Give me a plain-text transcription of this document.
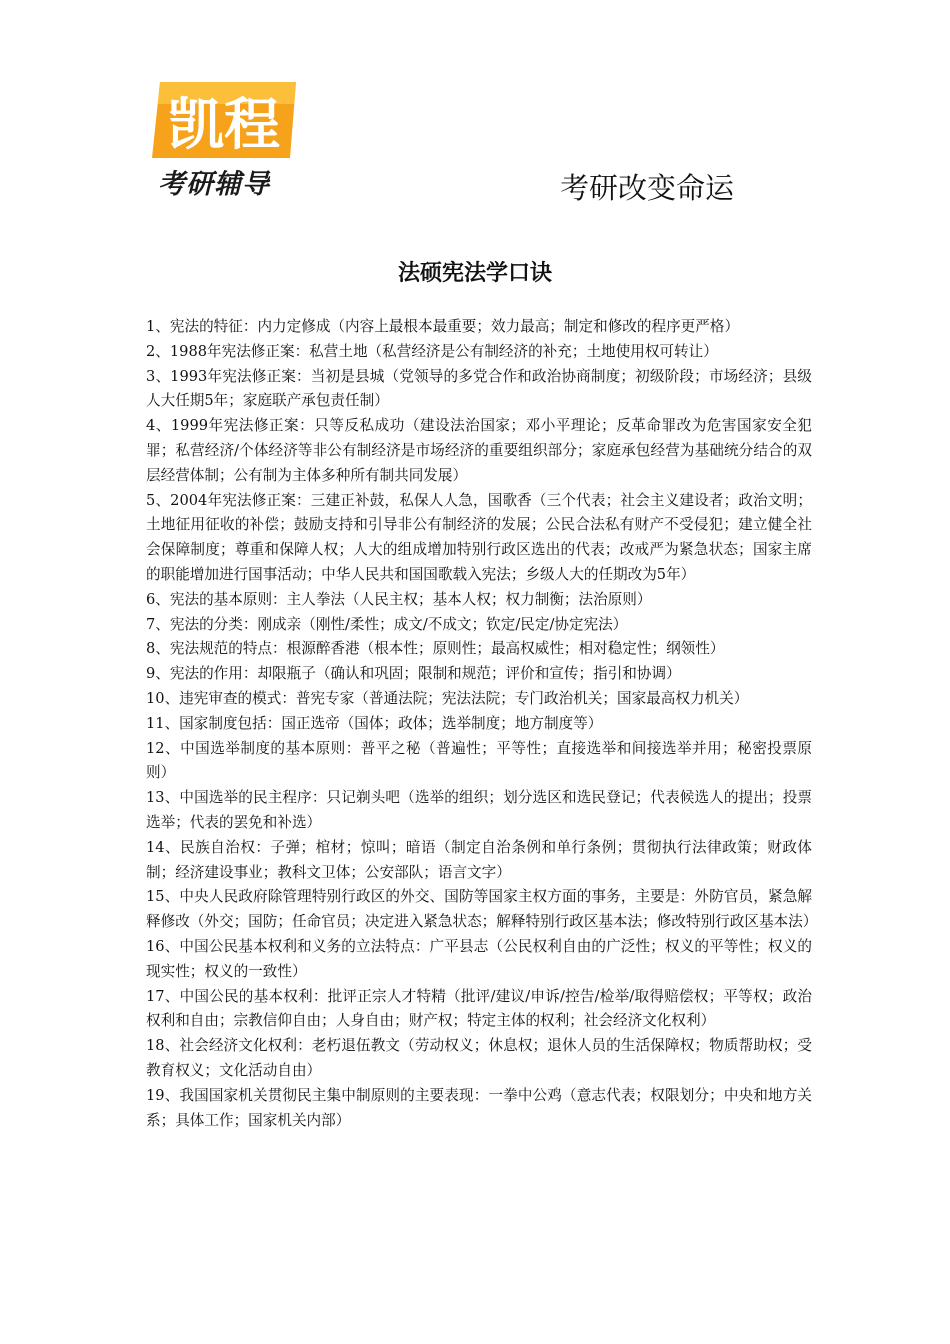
凯程
考研辅导	考研改变命运
法硕宪法学口诀

1、宪法的特征：内力定修成（内容上最根本最重要；效力最高；制定和修改的程序更严格）

2、1988年宪法修正案：私营土地（私营经济是公有制经济的补充；土地使用权可转让）

3、1993年宪法修正案：当初是县城（党领导的多党合作和政治协商制度；初级阶段；市场经济；县级人大任期5年；家庭联产承包责任制）

4、1999年宪法修正案：只等反私成功（建设法治国家；邓小平理论；反革命罪改为危害国家安全犯罪；私营经济/个体经济等非公有制经济是市场经济的重要组织部分；家庭承包经营为基础统分结合的双层经营体制；公有制为主体多种所有制共同发展）

5、2004年宪法修正案：三建正补鼓，私保人人急，国歌香（三个代表；社会主义建设者；政治文明；土地征用征收的补偿；鼓励支持和引导非公有制经济的发展；公民合法私有财产不受侵犯；建立健全社会保障制度；尊重和保障人权；人大的组成增加特别行政区选出的代表；改戒严为紧急状态；国家主席的职能增加进行国事活动；中华人民共和国国歌载入宪法；乡级人大的任期改为5年）

6、宪法的基本原则：主人拳法（人民主权；基本人权；权力制衡；法治原则）

7、宪法的分类：刚成亲（刚性/柔性；成文/不成文；钦定/民定/协定宪法）

8、宪法规范的特点：根源醉香港（根本性；原则性；最高权威性；相对稳定性；纲领性）

9、宪法的作用：却限瓶子（确认和巩固；限制和规范；评价和宣传；指引和协调）

10、违宪审查的模式：普宪专家（普通法院；宪法法院；专门政治机关；国家最高权力机关）

11、国家制度包括：国正选帝（国体；政体；选举制度；地方制度等）

12、中国选举制度的基本原则：普平之秘（普遍性；平等性；直接选举和间接选举并用；秘密投票原则）

13、中国选举的民主程序：只记剃头吧（选举的组织；划分选区和选民登记；代表候选人的提出；投票选举；代表的罢免和补选）

14、民族自治权：子弹；棺材；惊叫；暗语（制定自治条例和单行条例；贯彻执行法律政策；财政体制；经济建设事业；教科文卫体；公安部队；语言文字）

15、中央人民政府除管理特别行政区的外交、国防等国家主权方面的事务，主要是：外防官员，紧急解释修改（外交；国防；任命官员；决定进入紧急状态；解释特别行政区基本法；修改特别行政区基本法）

16、中国公民基本权利和义务的立法特点：广平县志（公民权利自由的广泛性；权义的平等性；权义的现实性；权义的一致性）

17、中国公民的基本权利：批评正宗人才特精（批评/建议/申诉/控告/检举/取得赔偿权；平等权；政治权利和自由；宗教信仰自由；人身自由；财产权；特定主体的权利；社会经济文化权利）

18、社会经济文化权利：老朽退伍教文（劳动权义；休息权；退休人员的生活保障权；物质帮助权；受教育权义；文化活动自由）

19、我国国家机关贯彻民主集中制原则的主要表现：一拳中公鸡（意志代表；权限划分；中央和地方关系；具体工作；国家机关内部）
